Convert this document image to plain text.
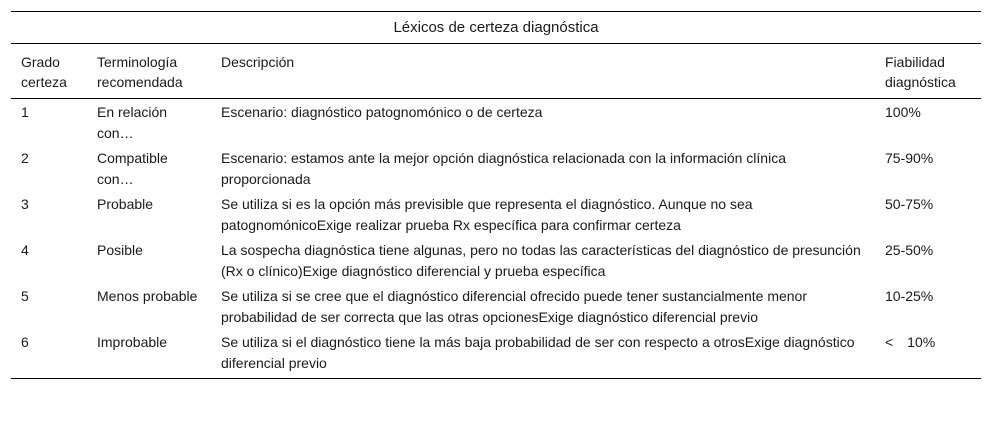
Léxicos de certeza diagnóstica
Grado certeza	Terminología recomendada	Descripción	Fiabilidad diagnóstica
1	En relación con…	Escenario: diagnóstico patognomónico o de certeza	100%
2	Compatible con…	Escenario: estamos ante la mejor opción diagnóstica relacionada con la información clínica proporcionada	75-90%
3	Probable	Se utiliza si es la opción más previsible que representa el diagnóstico. Aunque no sea patognomónicoExige realizar prueba Rx específica para confirmar certeza	50-75%
4	Posible	La sospecha diagnóstica tiene algunas, pero no todas las características del diagnóstico de presunción (Rx o clínico)Exige diagnóstico diferencial y prueba específica	25-50%
5	Menos probable	Se utiliza si se cree que el diagnóstico diferencial ofrecido puede tener sustancialmente menor probabilidad de ser correcta que las otras opcionesExige diagnóstico diferencial previo	10-25%
6	Improbable	Se utiliza si el diagnóstico tiene la más baja probabilidad de ser con respecto a otrosExige diagnóstico diferencial previo	<  10%
